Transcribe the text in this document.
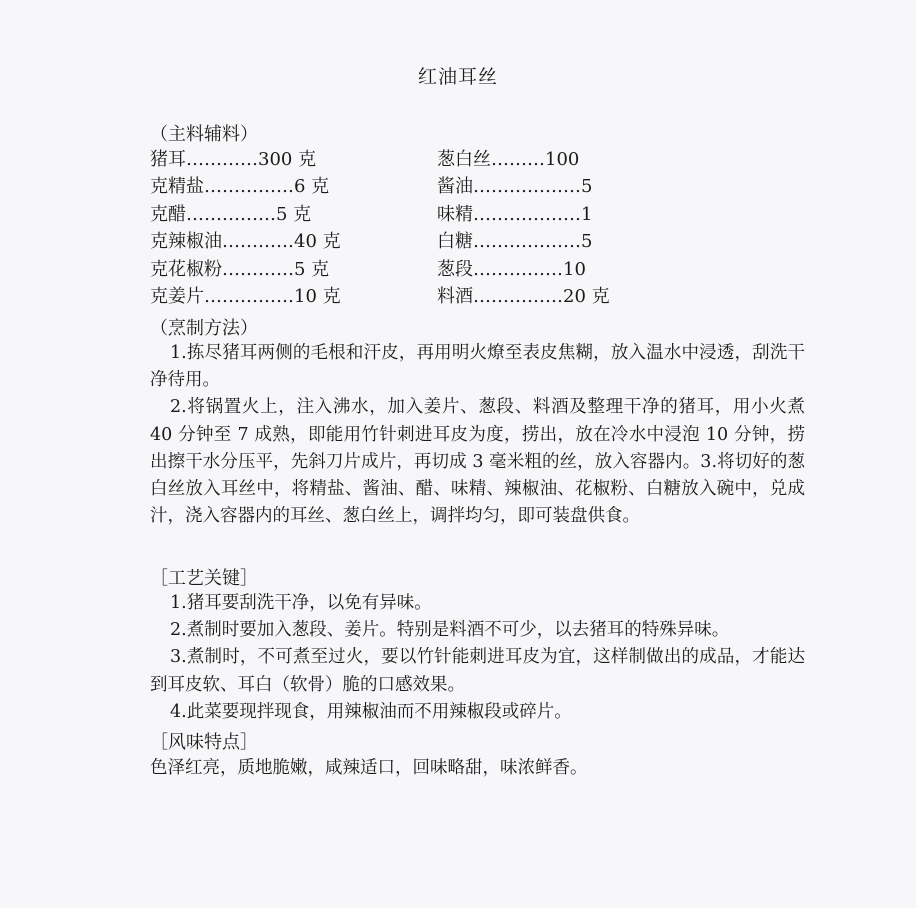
红油耳丝
（主料辅料）
猪耳…………300 克
克精盐……………6 克
克醋……………5 克
克辣椒油…………40 克
克花椒粉…………5 克
克姜片……………10 克
葱白丝………100
酱油………………5
味精………………1
白糖………………5
葱段……………10
料酒……………20 克
（烹制方法）

1.拣尽猪耳两侧的毛根和汗皮，再用明火燎至表皮焦糊，放入温水中浸透，刮洗干净待用。

2.将锅置火上，注入沸水，加入姜片、葱段、料酒及整理干净的猪耳，用小火煮 40 分钟至 7 成熟，即能用竹针刺进耳皮为度，捞出，放在冷水中浸泡 10 分钟，捞出擦干水分压平，先斜刀片成片，再切成 3 毫米粗的丝，放入容器内。3.将切好的葱白丝放入耳丝中，将精盐、酱油、醋、味精、辣椒油、花椒粉、白糖放入碗中，兑成汁，浇入容器内的耳丝、葱白丝上，调拌均匀，即可装盘供食。

［工艺关键］

1.猪耳要刮洗干净，以免有异味。

2.煮制时要加入葱段、姜片。特别是料酒不可少，以去猪耳的特殊异味。

3.煮制时，不可煮至过火，要以竹针能刺进耳皮为宜，这样制做出的成品，才能达到耳皮软、耳白（软骨）脆的口感效果。

4.此菜要现拌现食，用辣椒油而不用辣椒段或碎片。

［风味特点］

色泽红亮，质地脆嫩，咸辣适口，回味略甜，味浓鲜香。
